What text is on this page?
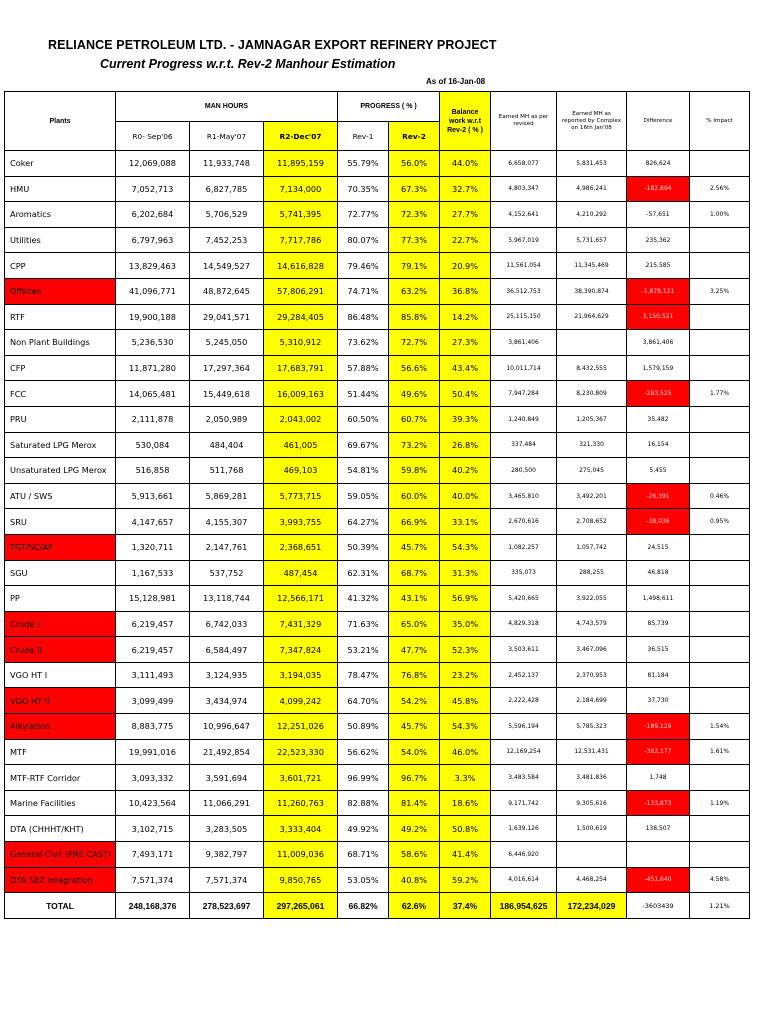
RELIANCE PETROLEUM LTD. - JAMNAGAR EXPORT REFINERY PROJECT
Current Progress w.r.t. Rev-2 Manhour Estimation
As of 16-Jan-08
Plants	MAN HOURS			PROGRESS ( % )		Balance work w.r.t Rev-2 ( % )	Earned MH as per revised	Earned MH as reported by Complex on 16th Jan'08	Difference	% Impact
	R0- Sep'06	R1-May'07	R2-Dec'07	Rev-1	Rev-2					
Coker	12,069,088	11,933,748	11,895,159	55.79%	56.0%	44.0%	6,658,077	5,831,453	826,624	
HMU	7,052,713	6,827,785	7,134,000	70.35%	67.3%	32.7%	4,803,347	4,986,241	-182,894	2.56%
Aromatics	6,202,684	5,706,529	5,741,395	72.77%	72.3%	27.7%	4,152,641	4,210,292	-57,651	1.00%
Utilities	6,797,963	7,452,253	7,717,786	80.07%	77.3%	22.7%	5,967,019	5,731,657	235,362	
CPP	13,829,463	14,549,527	14,616,828	79.46%	79.1%	20.9%	11,561,054	11,345,469	215,585	
Offsites	41,096,771	48,872,645	57,806,291	74.71%	63.2%	36.8%	36,512,753	38,390,874	-1,878,121	3.25%
RTF	19,900,188	29,041,571	29,284,405	86.48%	85.8%	14.2%	25,115,150	21,964,629	3,150,521	
Non Plant Buildings	5,236,530	5,245,050	5,310,912	73.62%	72.7%	27.3%	3,861,406		3,861,406	
CFP	11,871,280	17,297,364	17,683,791	57.88%	56.6%	43.4%	10,011,714	8,432,555	1,579,159	
FCC	14,065,481	15,449,618	16,009,163	51.44%	49.6%	50.4%	7,947,284	8,230,809	-283,525	1.77%
PRU	2,111,878	2,050,989	2,043,002	60.50%	60.7%	39.3%	1,240,849	1,205,367	35,482	
Saturated LPG Merox	530,084	484,404	461,005	69.67%	73.2%	26.8%	337,484	321,330	16,154	
Unsaturated LPG Merox	516,858	511,768	469,103	54.81%	59.8%	40.2%	280,500	275,045	5,455	
ATU / SWS	5,913,661	5,869,281	5,773,715	59.05%	60.0%	40.0%	3,465,810	3,492,201	-26,391	0.46%
SRU	4,147,657	4,155,307	3,993,755	64.27%	66.9%	33.1%	2,670,616	2,708,652	-38,036	0.95%
TGT/SC/AF	1,320,711	2,147,761	2,368,651	50.39%	45.7%	54.3%	1,082,257	1,057,742	24,515	
SGU	1,167,533	537,752	487,454	62.31%	68.7%	31.3%	335,073	288,255	46,818	
PP	15,128,981	13,118,744	12,566,171	41.32%	43.1%	56.9%	5,420,665	3,922,055	1,498,611	
Crude I	6,219,457	6,742,033	7,431,329	71.63%	65.0%	35.0%	4,829,318	4,743,579	85,739	
Crude II	6,219,457	6,584,497	7,347,824	53.21%	47.7%	52.3%	3,503,611	3,467,096	36,515	
VGO HT I	3,111,493	3,124,935	3,194,035	78.47%	76.8%	23.2%	2,452,137	2,370,953	81,184	
VGO HT II	3,099,499	3,434,974	4,099,242	64.70%	54.2%	45.8%	2,222,428	2,184,699	37,730	
Alkylation	8,883,775	10,996,647	12,251,026	50.89%	45.7%	54.3%	5,596,194	5,785,323	-189,129	1.54%
MTF	19,991,016	21,492,854	22,523,330	56.62%	54.0%	46.0%	12,169,254	12,531,431	-362,177	1.61%
MTF-RTF Corridor	3,093,332	3,591,694	3,601,721	96.99%	96.7%	3.3%	3,483,584	3,481,836	1,748	
Marine Facilities	10,423,564	11,066,291	11,260,763	82.88%	81.4%	18.6%	9,171,742	9,305,616	-133,873	1.19%
DTA (CHHHT/KHT)	3,102,715	3,283,505	3,333,404	49.92%	49.2%	50.8%	1,639,126	1,500,619	138,507	
General Civil (PRE CAST)	7,493,171	9,382,797	11,009,036	68.71%	58.6%	41.4%	6,446,920			
DTA SEZ Integration	7,571,374	7,571,374	9,850,765	53.05%	40.8%	59.2%	4,016,614	4,468,254	-451,640	4.58%
TOTAL	248,168,376	278,523,697	297,265,061	66.82%	62.6%	37.4%	186,954,625	172,234,029	-3603439	1.21%
